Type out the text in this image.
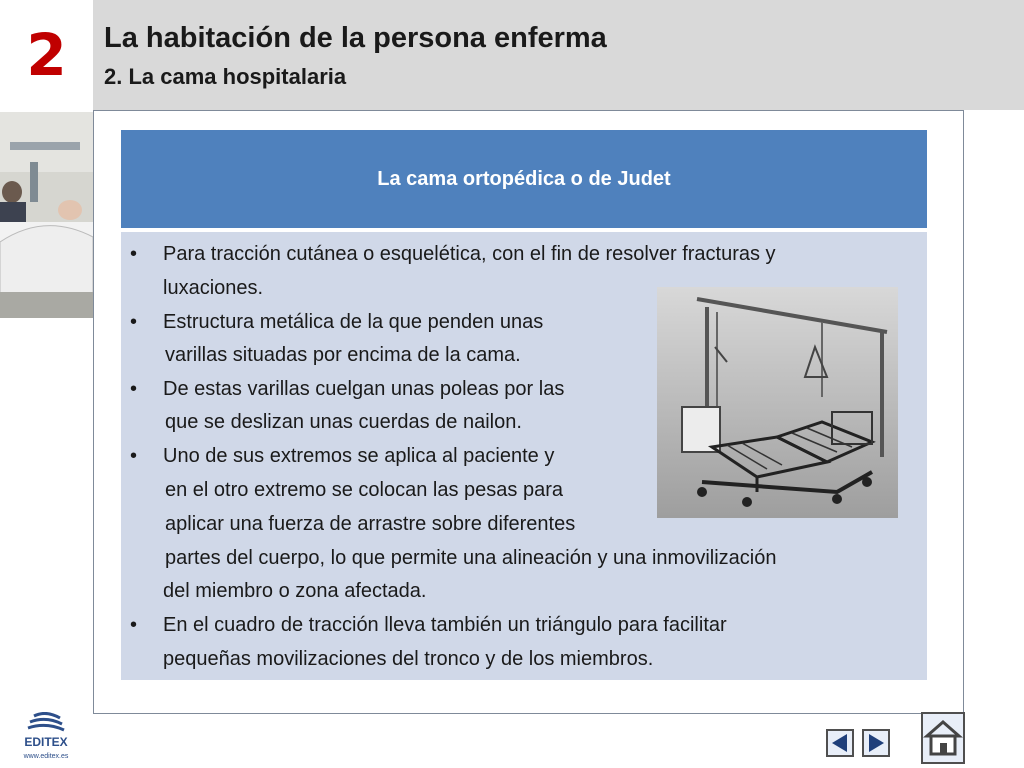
2	La habitación de la persona enferma
2. La cama hospitalaria
La cama ortopédica o de Judet
•
•
•
•
•
Para tracción cutánea o esquelética, con el fin de resolver fracturas y
luxaciones.
Estructura metálica de la que penden unas
varillas situadas por encima de la cama.
De estas varillas cuelgan unas poleas por las
que se deslizan unas cuerdas de nailon.
Uno de sus extremos se aplica al paciente y
en el otro extremo se colocan las pesas para
aplicar una fuerza de arrastre sobre diferentes
partes del cuerpo, lo que permite una alineación y una inmovilización
del miembro o zona afectada.
En el cuadro de tracción lleva también un triángulo para facilitar
pequeñas movilizaciones del tronco y de los miembros.
EDITEX
www.editex.es
